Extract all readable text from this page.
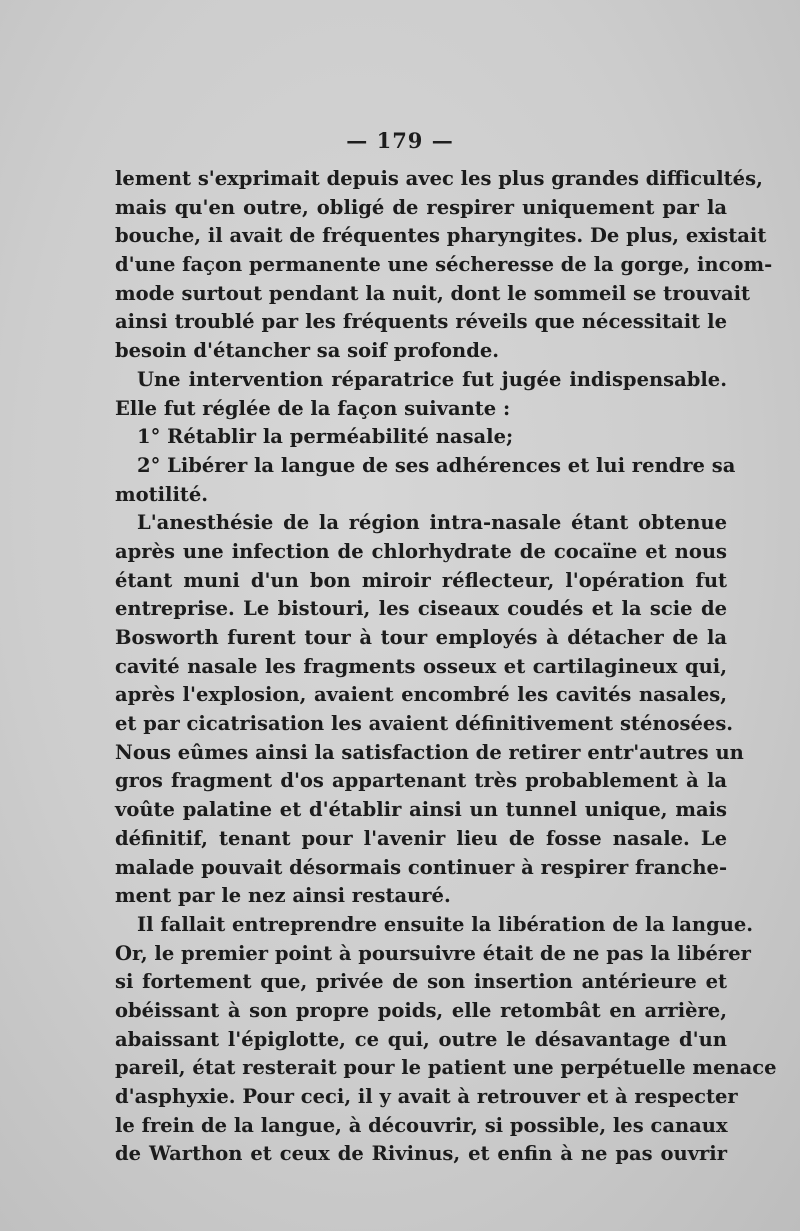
— 179 —
lement s'exprimait depuis avec les plus grandes difficultés,
mais qu'en outre, obligé de respirer uniquement par la
bouche, il avait de fréquentes pharyngites. De plus, existait
d'une façon permanente une sécheresse de la gorge, incom-
mode surtout pendant la nuit, dont le sommeil se trouvait
ainsi troublé par les fréquents réveils que nécessitait le
besoin d'étancher sa soif profonde.
Une intervention réparatrice fut jugée indispensable.
Elle fut réglée de la façon suivante :
1° Rétablir la perméabilité nasale;
2° Libérer la langue de ses adhérences et lui rendre sa
motilité.
L'anesthésie de la région intra-nasale étant obtenue
après une infection de chlorhydrate de cocaïne et nous
étant muni d'un bon miroir réflecteur, l'opération fut
entreprise. Le bistouri, les ciseaux coudés et la scie de
Bosworth furent tour à tour employés à détacher de la
cavité nasale les fragments osseux et cartilagineux qui,
après l'explosion, avaient encombré les cavités nasales,
et par cicatrisation les avaient définitivement sténosées.
Nous eûmes ainsi la satisfaction de retirer entr'autres un
gros fragment d'os appartenant très probablement à la
voûte palatine et d'établir ainsi un tunnel unique, mais
définitif, tenant pour l'avenir lieu de fosse nasale. Le
malade pouvait désormais continuer à respirer franche-
ment par le nez ainsi restauré.
Il fallait entreprendre ensuite la libération de la langue.
Or, le premier point à poursuivre était de ne pas la libérer
si fortement que, privée de son insertion antérieure et
obéissant à son propre poids, elle retombât en arrière,
abaissant l'épiglotte, ce qui, outre le désavantage d'un
pareil, état resterait pour le patient une perpétuelle menace
d'asphyxie. Pour ceci, il y avait à retrouver et à respecter
le frein de la langue, à découvrir, si possible, les canaux
de Warthon et ceux de Rivinus, et enfin à ne pas ouvrir
